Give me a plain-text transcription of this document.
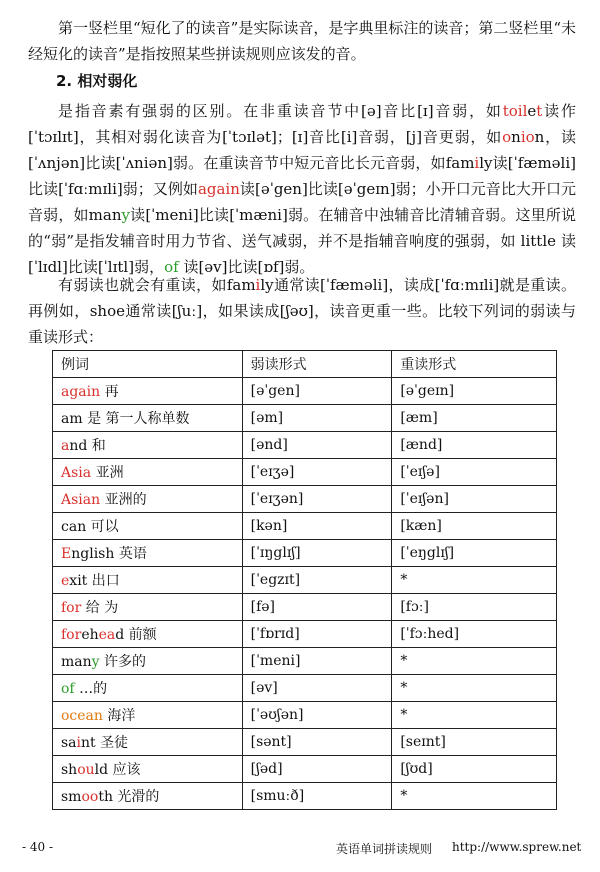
第一竖栏里“短化了的读音”是实际读音，是字典里标注的读音；第二竖栏里“未经短化的读音”是指按照某些拼读规则应该发的音。

2. 相对弱化

是指音素有强弱的区别。在非重读音节中[ə]音比[ɪ]音弱，如toilet读作[ˈtɔɪlɪt]，其相对弱化读音为[ˈtɔɪlət]；[ɪ]音比[i]音弱，[j]音更弱，如onion，读[ˈʌnjən]比读[ˈʌniən]弱。在重读音节中短元音比长元音弱，如family读[ˈfæməli]比读[ˈfɑːmɪli]弱；又例如again读[əˈgen]比读[əˈgeɪn]弱；小开口元音比大开口元音弱，如many读[ˈmeni]比读[ˈmæni]弱。在辅音中浊辅音比清辅音弱。这里所说的“弱”是指发辅音时用力节省、送气减弱，并不是指辅音响度的强弱，如 little 读[ˈlɪdl]比读[ˈlɪtl]弱，of 读[əv]比读[ɒf]弱。

有弱读也就会有重读，如family通常读[ˈfæməli]，读成[ˈfɑːmɪli]就是重读。再例如，shoe通常读[ʃuː]，如果读成[ʃəʊ]，读音更重一些。比较下列词的弱读与重读形式：

例词	弱读形式	重读形式
again 再	[əˈgen]	[əˈgeɪn]
am 是 第一人称单数	[əm]	[æm]
and 和	[ənd]	[ænd]
Asia 亚洲	[ˈeɪʒə]	[ˈeɪʃə]
Asian 亚洲的	[ˈeɪʒən]	[ˈeɪʃən]
can 可以	[kən]	[kæn]
English 英语	[ˈɪŋglɪʃ]	[ˈeŋglɪʃ]
exit 出口	[ˈegzɪt]	*
for 给 为	[fə]	[fɔː]
forehead 前额	[ˈfɒrɪd]	[ˈfɔːhed]
many 许多的	[ˈmeni]	*
of …的	[əv]	*
ocean 海洋	[ˈəʊʃən]	*
saint 圣徒	[sənt]	[seɪnt]
should 应该	[ʃəd]	[ʃʊd]
smooth 光滑的	[smuːð]	*
- 40 -	英语单词拼读规则 http://www.sprew.net
